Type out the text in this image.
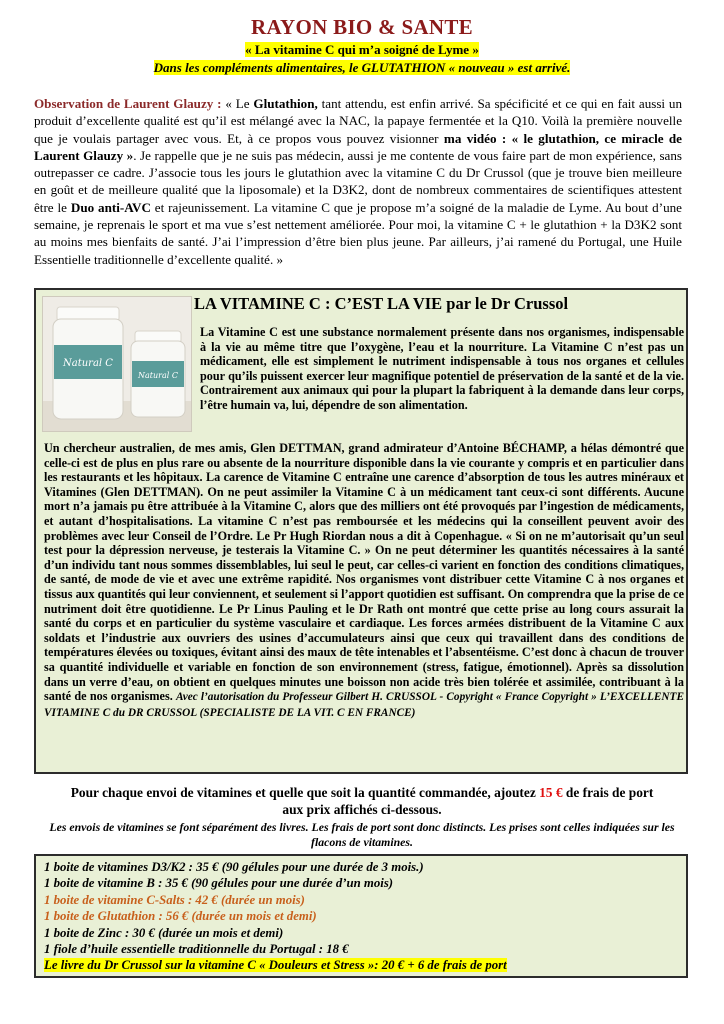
RAYON BIO & SANTE
« La vitamine C qui m’a soigné de Lyme »
Dans les compléments alimentaires, le GLUTATHION « nouveau » est arrivé.
Observation de Laurent Glauzy : « Le Glutathion, tant attendu, est enfin arrivé. Sa spécificité et ce qui en fait aussi un produit d’excellente qualité est qu’il est mélangé avec la NAC, la papaye fermentée et la Q10. Voilà la première nouvelle que je voulais partager avec vous. Et, à ce propos vous pouvez visionner ma vidéo : « le glutathion, ce miracle de Laurent Glauzy ». Je rappelle que je ne suis pas médecin, aussi je me contente de vous faire part de mon expérience, sans outrepasser ce cadre. J’associe tous les jours le glutathion avec la vitamine C du Dr Crussol (que je trouve bien meilleure en goût et de meilleure qualité que la liposomale) et la D3K2, dont de nombreux commentaires de scientifiques attestent être le Duo anti-AVC et rajeunissement. La vitamine C que je propose m’a soigné de la maladie de Lyme. Au bout d’une semaine, je reprenais le sport et ma vue s’est nettement améliorée. Pour moi, la vitamine C + le glutathion + la D3K2 sont au moins mes bienfaits de santé. J’ai l’impression d’être bien plus jeune. Par ailleurs, j’ai ramené du Portugal, une Huile Essentielle traditionnelle d’excellente qualité. »
Natural C
Natural C
LA VITAMINE C : C’EST LA VIE par le Dr Crussol
La Vitamine C est une substance normalement présente dans nos organismes, indispensable à la vie au même titre que l’oxygène, l’eau et la nourriture. La Vitamine C n’est pas un médicament, elle est simplement le nutriment indispensable à tous nos organes et cellules pour qu’ils puissent exercer leur magnifique potentiel de préservation de la santé et de la vie. Contrairement aux animaux qui pour la plupart la fabriquent à la demande dans leur corps, l’être humain va, lui, dépendre de son alimentation.
Un chercheur australien, de mes amis, Glen DETTMAN, grand admirateur d’Antoine BÉCHAMP, a hélas démontré que celle-ci est de plus en plus rare ou absente de la nourriture disponible dans la vie courante y compris et en particulier dans les restaurants et les hôpitaux. La carence de Vitamine C entraîne une carence d’absorption de tous les autres minéraux et Vitamines (Glen DETTMAN). On ne peut assimiler la Vitamine C à un médicament tant ceux-ci sont différents. Aucune mort n’a jamais pu être attribuée à la Vitamine C, alors que des milliers ont été provoqués par l’ingestion de médicaments, et autant d’hospitalisations. La vitamine C n’est pas remboursée et les médecins qui la conseillent peuvent avoir des problèmes avec leur Conseil de l’Ordre. Le Pr Hugh Riordan nous a dit à Copenhague. « Si on ne m’autorisait qu’un seul test pour la dépression nerveuse, je testerais la Vitamine C. » On ne peut déterminer les quantités nécessaires à la santé d’un individu tant nous sommes dissemblables, lui seul le peut, car celles-ci varient en fonction des conditions climatiques, de santé, de mode de vie et avec une extrême rapidité. Nos organismes vont distribuer cette Vitamine C à nos organes et tissus aux quantités qui leur conviennent, et seulement si l’apport quotidien est suffisant. On comprendra que la prise de ce nutriment doit être quotidienne. Le Pr Linus Pauling et le Dr Rath ont montré que cette prise au long cours assurait la santé du corps et en particulier du système vasculaire et cardiaque. Les forces armées distribuent de la Vitamine C aux soldats et l’industrie aux ouvriers des usines d’accumulateurs ainsi que ceux qui travaillent dans des conditions de températures élevées ou toxiques, évitant ainsi des maux de tête intenables et l’absentéisme. C’est donc à chacun de trouver sa quantité individuelle et variable en fonction de son environnement (stress, fatigue, émotionnel). Après sa dissolution dans un verre d’eau, on obtient en quelques minutes une boisson non acide très bien tolérée et assimilée, contribuant à la santé de nos organismes. Avec l’autorisation du Professeur Gilbert H. CRUSSOL - Copyright « France Copyright » L’EXCELLENTE VITAMINE C du DR CRUSSOL (SPECIALISTE DE LA VIT. C EN FRANCE)
Pour chaque envoi de vitamines et quelle que soit la quantité commandée, ajoutez 15 € de frais de port
aux prix affichés ci-dessous.
Les envois de vitamines se font séparément des livres. Les frais de port sont donc distincts. Les prises sont celles indiquées sur les flacons de vitamines.
1 boite de vitamines D3/K2 : 35 € (90 gélules pour une durée de 3 mois.)
1 boite de vitamine B : 35 € (90 gélules pour une durée d’un mois)
1 boite de vitamine C-Salts : 42 € (durée un mois)
1 boite de Glutathion : 56 € (durée un mois et demi)
1 boite de Zinc : 30 € (durée un mois et demi)
1 fiole d’huile essentielle traditionnelle du Portugal : 18 €
Le livre du Dr Crussol sur la vitamine C « Douleurs et Stress »: 20 € + 6 de frais de port
